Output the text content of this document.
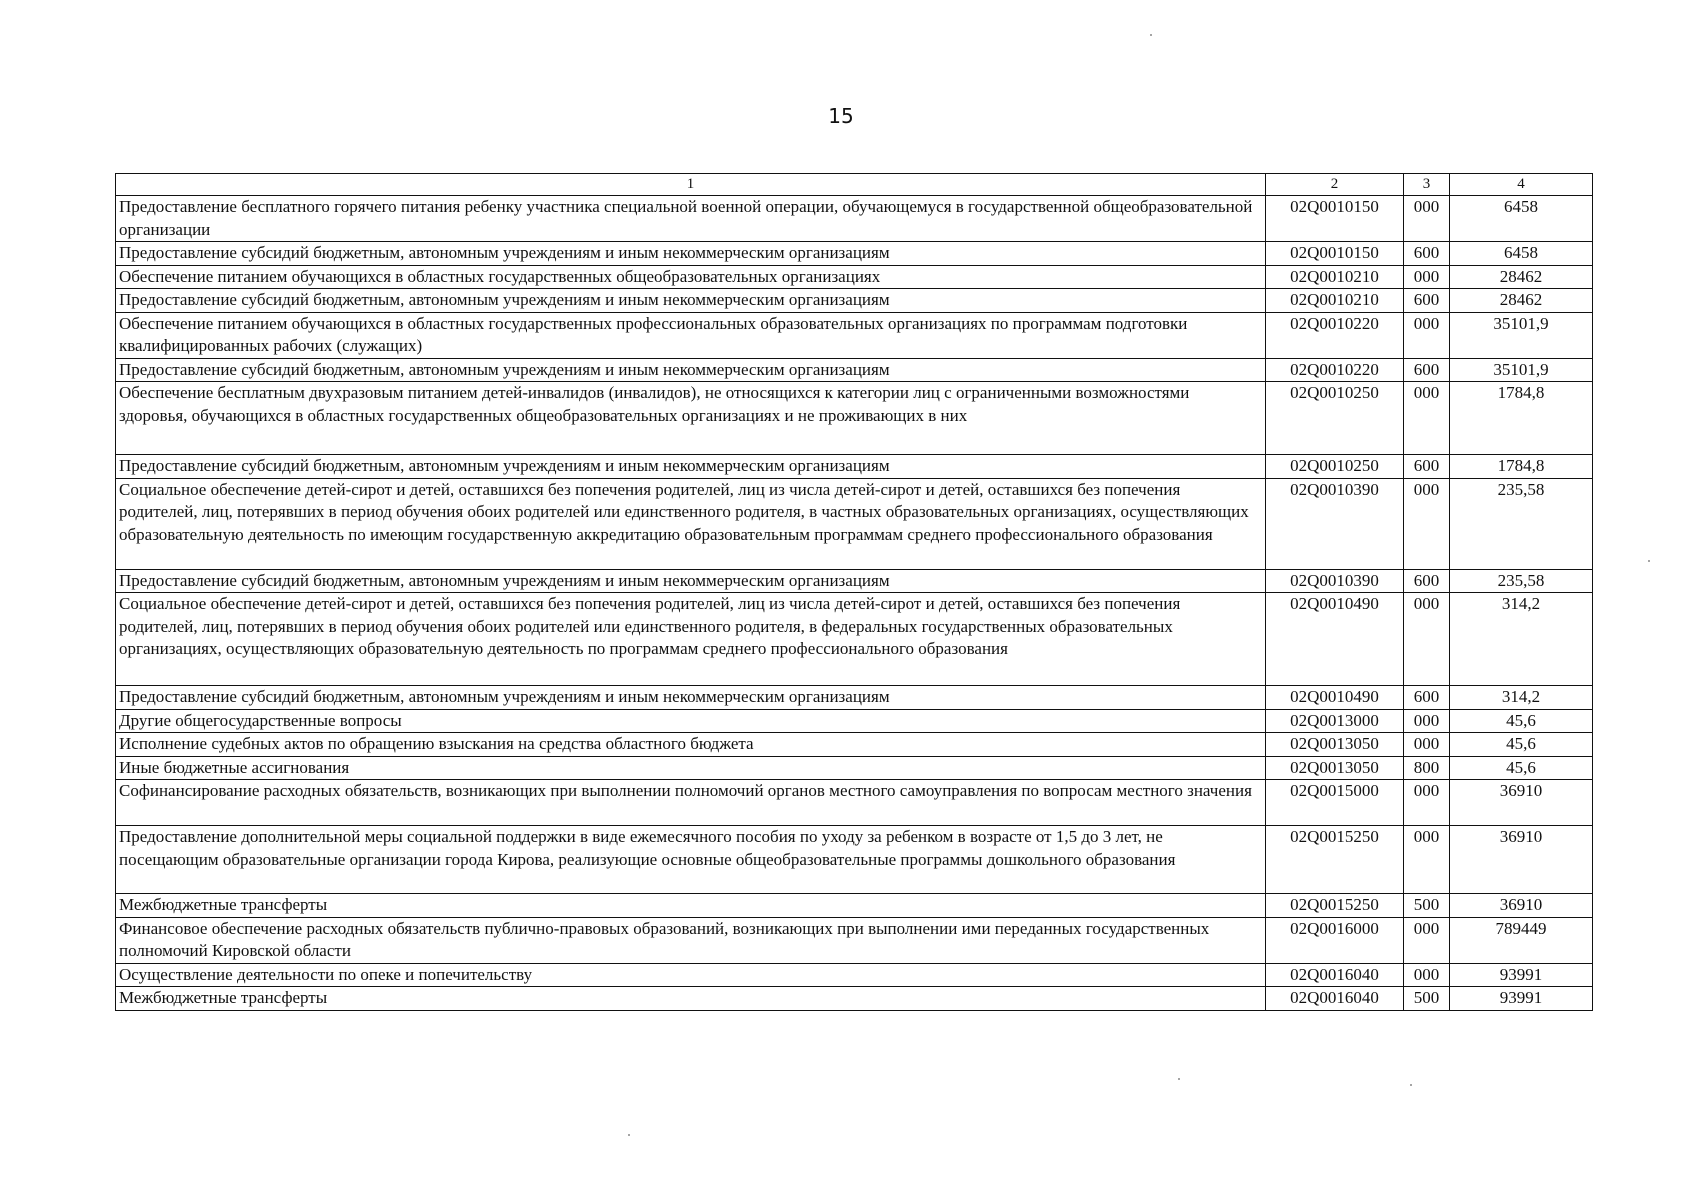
15
1	2	3	4
Предоставление бесплатного горячего питания ребенку участника специальной военной операции, обучающемуся в государственной общеобразовательной организации	02Q0010150	000	6458
Предоставление субсидий бюджетным, автономным учреждениям и иным некоммерческим организациям	02Q0010150	600	6458
Обеспечение питанием обучающихся в областных государственных общеобразовательных организациях	02Q0010210	000	28462
Предоставление субсидий бюджетным, автономным учреждениям и иным некоммерческим организациям	02Q0010210	600	28462
Обеспечение питанием обучающихся в областных государственных профессиональных образовательных организациях по программам подготовки квалифицированных рабочих (служащих)	02Q0010220	000	35101,9
Предоставление субсидий бюджетным, автономным учреждениям и иным некоммерческим организациям	02Q0010220	600	35101,9
Обеспечение бесплатным двухразовым питанием детей-инвалидов (инвалидов), не относящихся к категории лиц с ограниченными возможностями здоровья, обучающихся в областных государственных общеобразовательных организациях и не проживающих в них	02Q0010250	000	1784,8
Предоставление субсидий бюджетным, автономным учреждениям и иным некоммерческим организациям	02Q0010250	600	1784,8
Социальное обеспечение детей-сирот и детей, оставшихся без попечения родителей, лиц из числа детей-сирот и детей, оставшихся без попечения родителей, лиц, потерявших в период обучения обоих родителей или единственного родителя, в частных образовательных организациях, осуществляющих образовательную деятельность по имеющим государственную аккредитацию образовательным программам среднего профессионального образования	02Q0010390	000	235,58
Предоставление субсидий бюджетным, автономным учреждениям и иным некоммерческим организациям	02Q0010390	600	235,58
Социальное обеспечение детей-сирот и детей, оставшихся без попечения родителей, лиц из числа детей-сирот и детей, оставшихся без попечения родителей, лиц, потерявших в период обучения обоих родителей или единственного родителя, в федеральных государственных образовательных организациях, осуществляющих образовательную деятельность по программам среднего профессионального образования	02Q0010490	000	314,2
Предоставление субсидий бюджетным, автономным учреждениям и иным некоммерческим организациям	02Q0010490	600	314,2
Другие общегосударственные вопросы	02Q0013000	000	45,6
Исполнение судебных актов по обращению взыскания на средства областного бюджета	02Q0013050	000	45,6
Иные бюджетные ассигнования	02Q0013050	800	45,6
Софинансирование расходных обязательств, возникающих при выполнении полномочий органов местного самоуправления по вопросам местного значения	02Q0015000	000	36910
Предоставление дополнительной меры социальной поддержки в виде ежемесячного пособия по уходу за ребенком в возрасте от 1,5 до 3 лет, не посещающим образовательные организации города Кирова, реализующие основные общеобразовательные программы дошкольного образования	02Q0015250	000	36910
Межбюджетные трансферты	02Q0015250	500	36910
Финансовое обеспечение расходных обязательств публично-правовых образований, возникающих при выполнении ими переданных государственных полномочий Кировской области	02Q0016000	000	789449
Осуществление деятельности по опеке и попечительству	02Q0016040	000	93991
Межбюджетные трансферты	02Q0016040	500	93991
